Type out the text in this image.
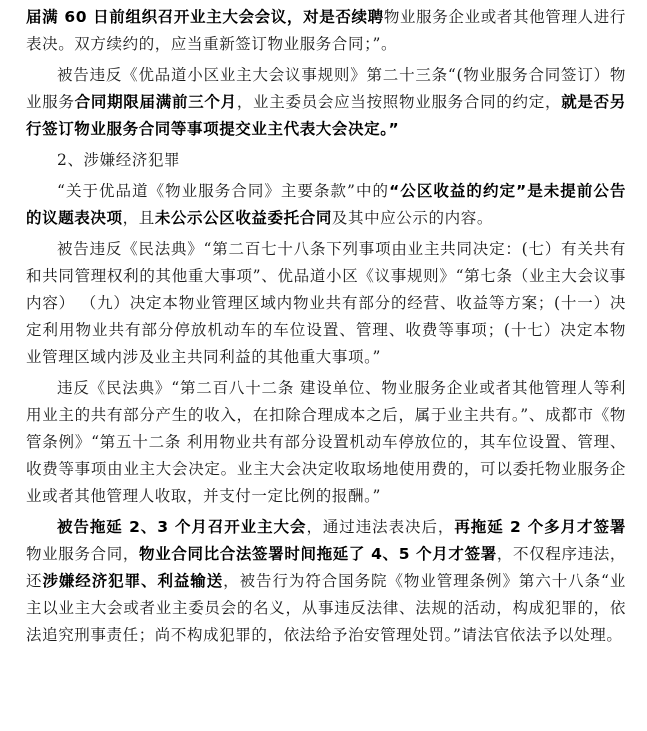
届满 60 日前组织召开业主大会会议，对是否续聘物业服务企业或者其他管理人进行表决。双方续约的，应当重新签订物业服务合同；”。

被告违反《优品道小区业主大会议事规则》第二十三条“(物业服务合同签订）物业服务合同期限届满前三个月，业主委员会应当按照物业服务合同的约定，就是否另行签订物业服务合同等事项提交业主代表大会决定。”

2、涉嫌经济犯罪

“关于优品道《物业服务合同》主要条款”中的“公区收益的约定”是未提前公告的议题表决项，且未公示公区收益委托合同及其中应公示的内容。

被告违反《民法典》“第二百七十八条下列事项由业主共同决定：(七）有关共有和共同管理权利的其他重大事项”、优品道小区《议事规则》“第七条（业主大会议事内容） （九）决定本物业管理区域内物业共有部分的经营、收益等方案；(十一）决定利用物业共有部分停放机动车的车位设置、管理、收费等事项；(十七）决定本物业管理区域内涉及业主共同利益的其他重大事项。”

违反《民法典》“第二百八十二条 建设单位、物业服务企业或者其他管理人等利用业主的共有部分产生的收入，在扣除合理成本之后，属于业主共有。”、成都市《物管条例》“第五十二条 利用物业共有部分设置机动车停放位的，其车位设置、管理、收费等事项由业主大会决定。业主大会决定收取场地使用费的，可以委托物业服务企业或者其他管理人收取，并支付一定比例的报酬。”

被告拖延 2、3 个月召开业主大会，通过违法表决后，再拖延 2 个多月才签署物业服务合同，物业合同比合法签署时间拖延了 4、5 个月才签署，不仅程序违法，还涉嫌经济犯罪、利益输送，被告行为符合国务院《物业管理条例》第六十八条“业主以业主大会或者业主委员会的名义，从事违反法律、法规的活动，构成犯罪的，依法追究刑事责任；尚不构成犯罪的，依法给予治安管理处罚。”请法官依法予以处理。
